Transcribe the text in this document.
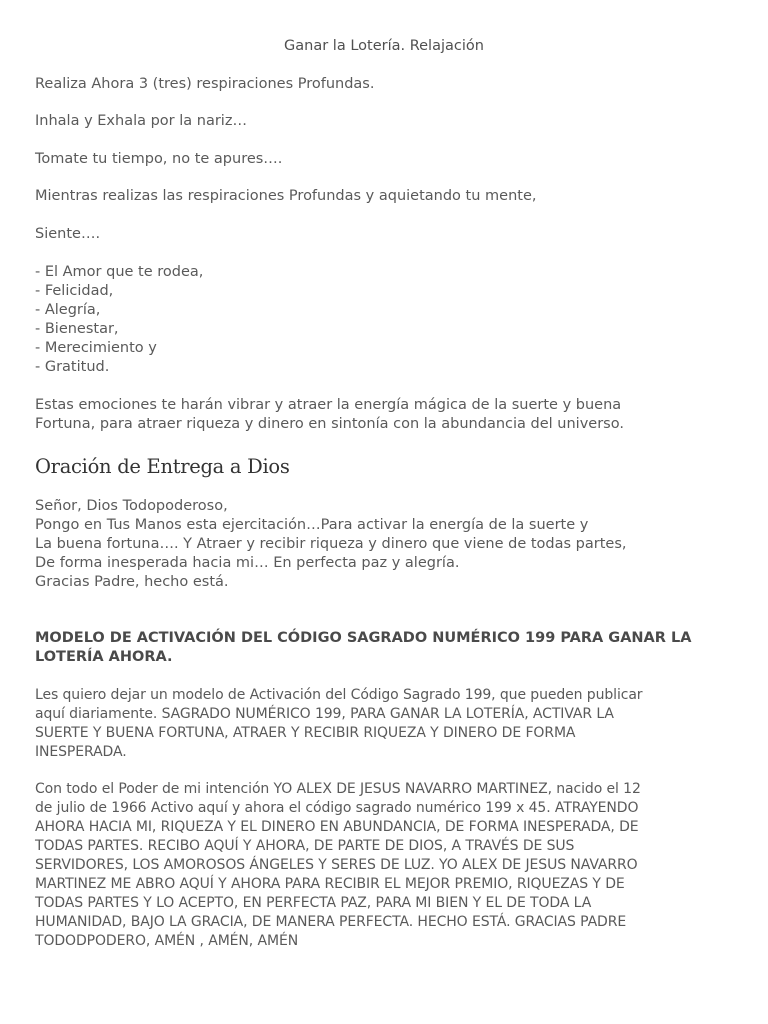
Ganar la Lotería. Relajación
Realiza Ahora 3 (tres) respiraciones Profundas.
Inhala y Exhala por la nariz…
Tomate tu tiempo, no te apures….
Mientras realizas las respiraciones Profundas y aquietando tu mente,
Siente….
- El Amor que te rodea,
- Felicidad,
- Alegría,
- Bienestar,
- Merecimiento y
- Gratitud.
Estas emociones te harán vibrar y atraer la energía mágica de la suerte y buena
Fortuna, para atraer riqueza y dinero en sintonía con la abundancia del universo.
Oración de Entrega a Dios
Señor, Dios Todopoderoso,
Pongo en Tus Manos esta ejercitación…Para activar la energía de la suerte y
La buena fortuna…. Y Atraer y recibir riqueza y dinero que viene de todas partes,
De forma inesperada hacia mi… En perfecta paz y alegría.
Gracias Padre, hecho está.
MODELO DE ACTIVACIÓN DEL CÓDIGO SAGRADO NUMÉRICO 199 PARA GANAR LA LOTERÍA AHORA.
Les quiero dejar un modelo de Activación del Código Sagrado 199, que pueden publicar
aquí diariamente. SAGRADO NUMÉRICO 199, PARA GANAR LA LOTERÍA, ACTIVAR LA
SUERTE Y BUENA FORTUNA, ATRAER Y RECIBIR RIQUEZA Y DINERO DE FORMA
INESPERADA.
Con todo el Poder de mi intención YO ALEX DE JESUS NAVARRO MARTINEZ, nacido el 12
de julio de 1966 Activo aquí y ahora el código sagrado numérico 199 x 45. ATRAYENDO
AHORA HACIA MI, RIQUEZA Y EL DINERO EN ABUNDANCIA, DE FORMA INESPERADA, DE
TODAS PARTES. RECIBO AQUÍ Y AHORA, DE PARTE DE DIOS, A TRAVÉS DE SUS
SERVIDORES, LOS AMOROSOS ÁNGELES Y SERES DE LUZ. YO ALEX DE JESUS NAVARRO
MARTINEZ ME ABRO AQUÍ Y AHORA PARA RECIBIR EL MEJOR PREMIO, RIQUEZAS Y DE
TODAS PARTES Y LO ACEPTO, EN PERFECTA PAZ, PARA MI BIEN Y EL DE TODA LA
HUMANIDAD, BAJO LA GRACIA, DE MANERA PERFECTA. HECHO ESTÁ. GRACIAS PADRE
TODODPODERO, AMÉN , AMÉN, AMÉN
